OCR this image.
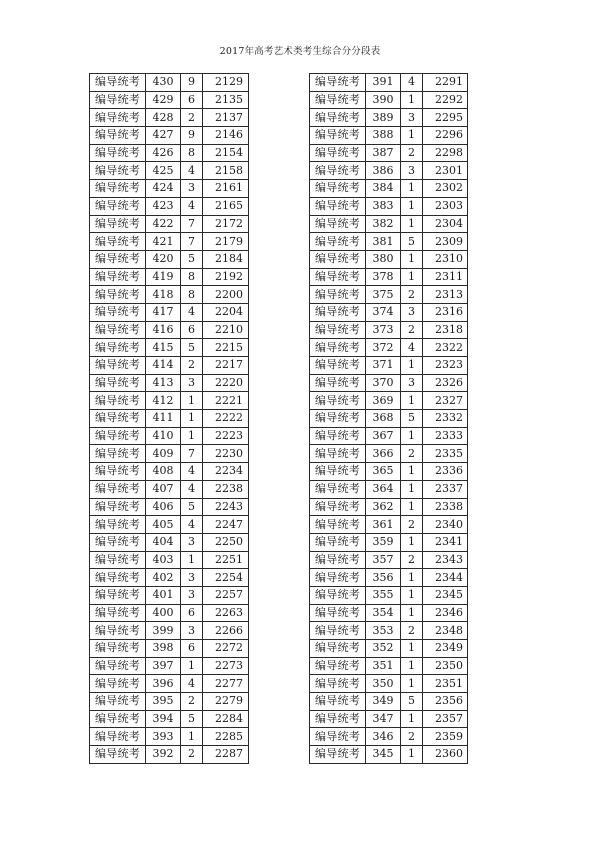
2017年高考艺术类考生综合分分段表
编导统考	430	9	2129
编导统考	429	6	2135
编导统考	428	2	2137
编导统考	427	9	2146
编导统考	426	8	2154
编导统考	425	4	2158
编导统考	424	3	2161
编导统考	423	4	2165
编导统考	422	7	2172
编导统考	421	7	2179
编导统考	420	5	2184
编导统考	419	8	2192
编导统考	418	8	2200
编导统考	417	4	2204
编导统考	416	6	2210
编导统考	415	5	2215
编导统考	414	2	2217
编导统考	413	3	2220
编导统考	412	1	2221
编导统考	411	1	2222
编导统考	410	1	2223
编导统考	409	7	2230
编导统考	408	4	2234
编导统考	407	4	2238
编导统考	406	5	2243
编导统考	405	4	2247
编导统考	404	3	2250
编导统考	403	1	2251
编导统考	402	3	2254
编导统考	401	3	2257
编导统考	400	6	2263
编导统考	399	3	2266
编导统考	398	6	2272
编导统考	397	1	2273
编导统考	396	4	2277
编导统考	395	2	2279
编导统考	394	5	2284
编导统考	393	1	2285
编导统考	392	2	2287
编导统考	391	4	2291
编导统考	390	1	2292
编导统考	389	3	2295
编导统考	388	1	2296
编导统考	387	2	2298
编导统考	386	3	2301
编导统考	384	1	2302
编导统考	383	1	2303
编导统考	382	1	2304
编导统考	381	5	2309
编导统考	380	1	2310
编导统考	378	1	2311
编导统考	375	2	2313
编导统考	374	3	2316
编导统考	373	2	2318
编导统考	372	4	2322
编导统考	371	1	2323
编导统考	370	3	2326
编导统考	369	1	2327
编导统考	368	5	2332
编导统考	367	1	2333
编导统考	366	2	2335
编导统考	365	1	2336
编导统考	364	1	2337
编导统考	362	1	2338
编导统考	361	2	2340
编导统考	359	1	2341
编导统考	357	2	2343
编导统考	356	1	2344
编导统考	355	1	2345
编导统考	354	1	2346
编导统考	353	2	2348
编导统考	352	1	2349
编导统考	351	1	2350
编导统考	350	1	2351
编导统考	349	5	2356
编导统考	347	1	2357
编导统考	346	2	2359
编导统考	345	1	2360
